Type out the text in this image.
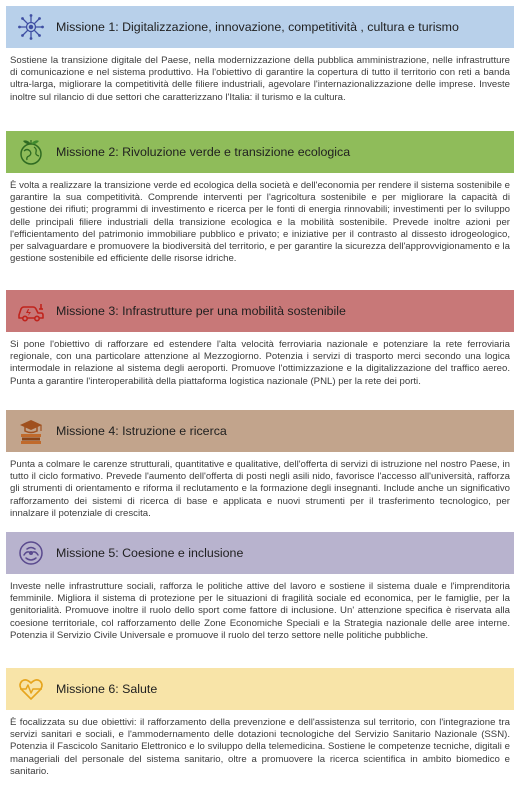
Missione 1: Digitalizzazione, innovazione, competitività , cultura e turismo

Sostiene la transizione digitale del Paese, nella modernizzazione della pubblica amministrazione, nelle infrastrutture di comunicazione e nel sistema produttivo. Ha l'obiettivo di garantire la copertura di tutto il territorio con reti a banda ultra-larga, migliorare la competitività delle filiere industriali, agevolare l'internazionalizzazione delle imprese. Investe inoltre sul rilancio di due settori che caratterizzano l'Italia: il turismo e la cultura.

Missione 2: Rivoluzione verde e transizione ecologica

È volta a realizzare la transizione verde ed ecologica della società e dell'economia per rendere il sistema sostenibile e garantire la sua competitività. Comprende interventi per l'agricoltura sostenibile e per migliorare la capacità di gestione dei rifiuti; programmi di investimento e ricerca per le fonti di energia rinnovabili; investimenti per lo sviluppo delle principali filiere industriali della transizione ecologica e la mobilità sostenibile. Prevede inoltre azioni per l'efficientamento del patrimonio immobiliare pubblico e privato; e iniziative per il contrasto al dissesto idrogeologico, per salvaguardare e promuovere la biodiversità del territorio, e per garantire la sicurezza dell'approvvigionamento e la gestione sostenibile ed efficiente delle risorse idriche.

Missione 3: Infrastrutture per una mobilità sostenibile

Si pone l'obiettivo di rafforzare ed estendere l'alta velocità ferroviaria nazionale e potenziare la rete ferroviaria regionale, con una particolare attenzione al Mezzogiorno. Potenzia i servizi di trasporto merci secondo una logica intermodale in relazione al sistema degli aeroporti. Promuove l'ottimizzazione e la digitalizzazione del traffico aereo. Punta a garantire l'interoperabilità della piattaforma logistica nazionale (PNL) per la rete dei porti.

Missione 4: Istruzione e ricerca

Punta a colmare le carenze strutturali, quantitative e qualitative, dell'offerta di servizi di istruzione nel nostro Paese, in tutto il ciclo formativo. Prevede l'aumento dell'offerta di posti negli asili nido, favorisce l'accesso all'università, rafforza gli strumenti di orientamento e riforma il reclutamento e la formazione degli insegnanti. Include anche un significativo rafforzamento dei sistemi di ricerca di base e applicata e nuovi strumenti per il trasferimento tecnologico, per innalzare il potenziale di crescita.

Missione 5: Coesione e inclusione

Investe nelle infrastrutture sociali, rafforza le politiche attive del lavoro e sostiene il sistema duale e l'imprenditoria femminile. Migliora il sistema di protezione per le situazioni di fragilità sociale ed economica, per le famiglie, per la genitorialità. Promuove inoltre il ruolo dello sport come fattore di inclusione. Un' attenzione specifica è riservata alla coesione territoriale, col rafforzamento delle Zone Economiche Speciali e la Strategia nazionale delle aree interne. Potenzia il Servizio Civile Universale e promuove il ruolo del terzo settore nelle politiche pubbliche.

Missione 6: Salute

È focalizzata su due obiettivi: il rafforzamento della prevenzione e dell'assistenza sul territorio, con l'integrazione tra servizi sanitari e sociali, e l'ammodernamento delle dotazioni tecnologiche del Servizio Sanitario Nazionale (SSN). Potenzia il Fascicolo Sanitario Elettronico e lo sviluppo della telemedicina. Sostiene le competenze tecniche, digitali e manageriali del personale del sistema sanitario, oltre a promuovere la ricerca scientifica in ambito biomedico e sanitario.
